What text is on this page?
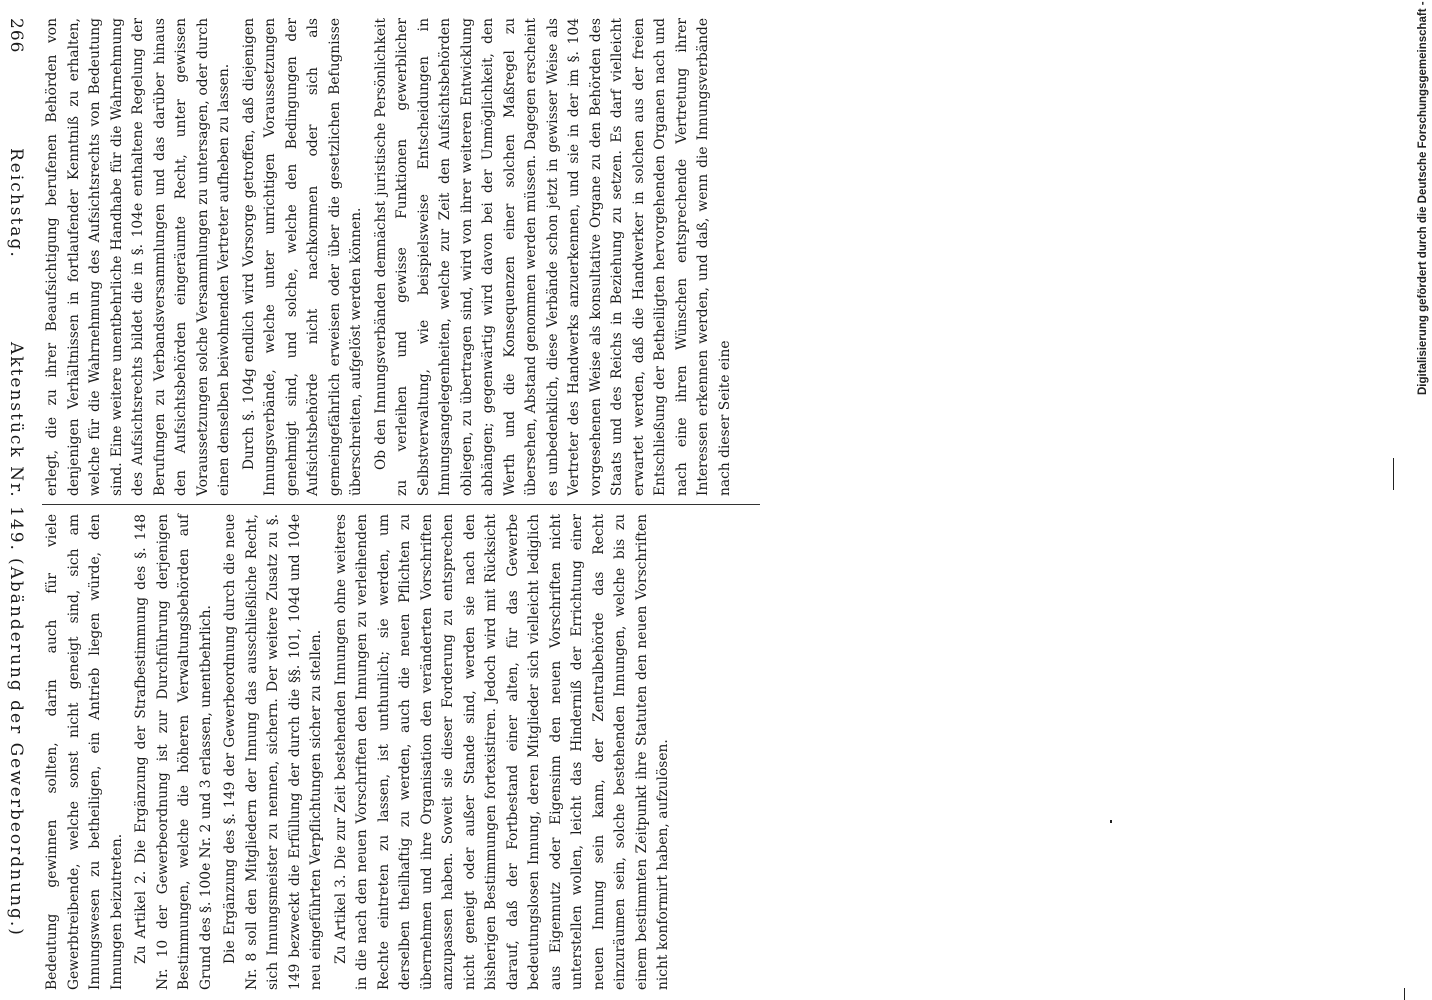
266
Reichstag.
Aktenstück Nr. 149.
(Abänderung der Gewerbeordnung.)

erlegt, die zu ihrer Beaufsichtigung berufenen Behörden von denjenigen Verhältnissen in fortlaufender Kenntniß zu erhalten, welche für die Wahrnehmung des Aufsichtsrechts von Bedeutung sind. Eine weitere unentbehrliche Handhabe für die Wahrnehmung des Aufsichtsrechts bildet die in §. 104e enthaltene Regelung der Berufungen zu Verbandsversammlungen und das darüber hinaus den Aufsichtsbehörden eingeräumte Recht, unter gewissen Voraussetzungen solche Versammlungen zu untersagen, oder durch einen denselben beiwohnenden Vertreter aufheben zu lassen. Durch §. 104g endlich wird Vorsorge getroffen, daß diejenigen Innungsverbände, welche unter unrichtigen Voraussetzungen genehmigt sind, und solche, welche den Bedingungen der Aufsichtsbehörde nicht nachkommen oder sich als gemeingefährlich erweisen oder über die gesetzlichen Befugnisse überschreiten, aufgelöst werden können. Ob den Innungsverbänden demnächst juristische Persönlichkeit zu verleihen und gewisse Funktionen gewerblicher Selbstverwaltung, wie beispielsweise Entscheidungen in Innungsangelegenheiten, welche zur Zeit den Aufsichtsbehörden obliegen, zu übertragen sind, wird von ihrer weiteren Entwicklung abhängen; gegenwärtig wird davon bei der Unmöglichkeit, den Werth und die Konsequenzen einer solchen Maßregel zu übersehen, Abstand genommen werden müssen. Dagegen erscheint es unbedenklich, diese Verbände schon jetzt in gewisser Weise als Vertreter des Handwerks anzuerkennen, und sie in der im §. 104 vorgesehenen Weise als konsultative Organe zu den Behörden des Staats und des Reichs in Beziehung zu setzen. Es darf vielleicht erwartet werden, daß die Handwerker in solchen aus der freien Entschließung der Betheiligten hervorgehenden Organen nach und nach eine ihren Wünschen entsprechende Vertretung ihrer Interessen erkennen werden, und daß, wenn die Innungsverbände nach dieser Seite eine

Bedeutung gewinnen sollten, darin auch für viele Gewerbtreibende, welche sonst nicht geneigt sind, sich am Innungswesen zu betheiligen, ein Antrieb liegen würde, den Innungen beizutreten. Zu Artikel 2. Die Ergänzung der Strafbestimmung des §. 148 Nr. 10 der Gewerbeordnung ist zur Durchführung derjenigen Bestimmungen, welche die höheren Verwaltungsbehörden auf Grund des §. 100e Nr. 2 und 3 erlassen, unentbehrlich. Die Ergänzung des §. 149 der Gewerbeordnung durch die neue Nr. 8 soll den Mitgliedern der Innung das ausschließliche Recht, sich Innungsmeister zu nennen, sichern. Der weitere Zusatz zu §. 149 bezweckt die Erfüllung der durch die §§. 101, 104d und 104e neu eingeführten Verpflichtungen sicher zu stellen. Zu Artikel 3. Die zur Zeit bestehenden Innungen ohne weiteres in die nach den neuen Vorschriften den Innungen zu verleihenden Rechte eintreten zu lassen, ist unthunlich; sie werden, um derselben theilhaftig zu werden, auch die neuen Pflichten zu übernehmen und ihre Organisation den veränderten Vorschriften anzupassen haben. Soweit sie dieser Forderung zu entsprechen nicht geneigt oder außer Stande sind, werden sie nach den bisherigen Bestimmungen fortexistiren. Jedoch wird mit Rücksicht darauf, daß der Fortbestand einer alten, für das Gewerbe bedeutungslosen Innung, deren Mitglieder sich vielleicht lediglich aus Eigennutz oder Eigensinn den neuen Vorschriften nicht unterstellen wollen, leicht das Hinderniß der Errichtung einer neuen Innung sein kann, der Zentralbehörde das Recht einzuräumen sein, solche bestehenden Innungen, welche bis zu einem bestimmten Zeitpunkt ihre Statuten den neuen Vorschriften nicht konformirt haben, aufzulösen.

Digitalisierung gefördert durch die Deutsche Forschungsgemeinschaft -
